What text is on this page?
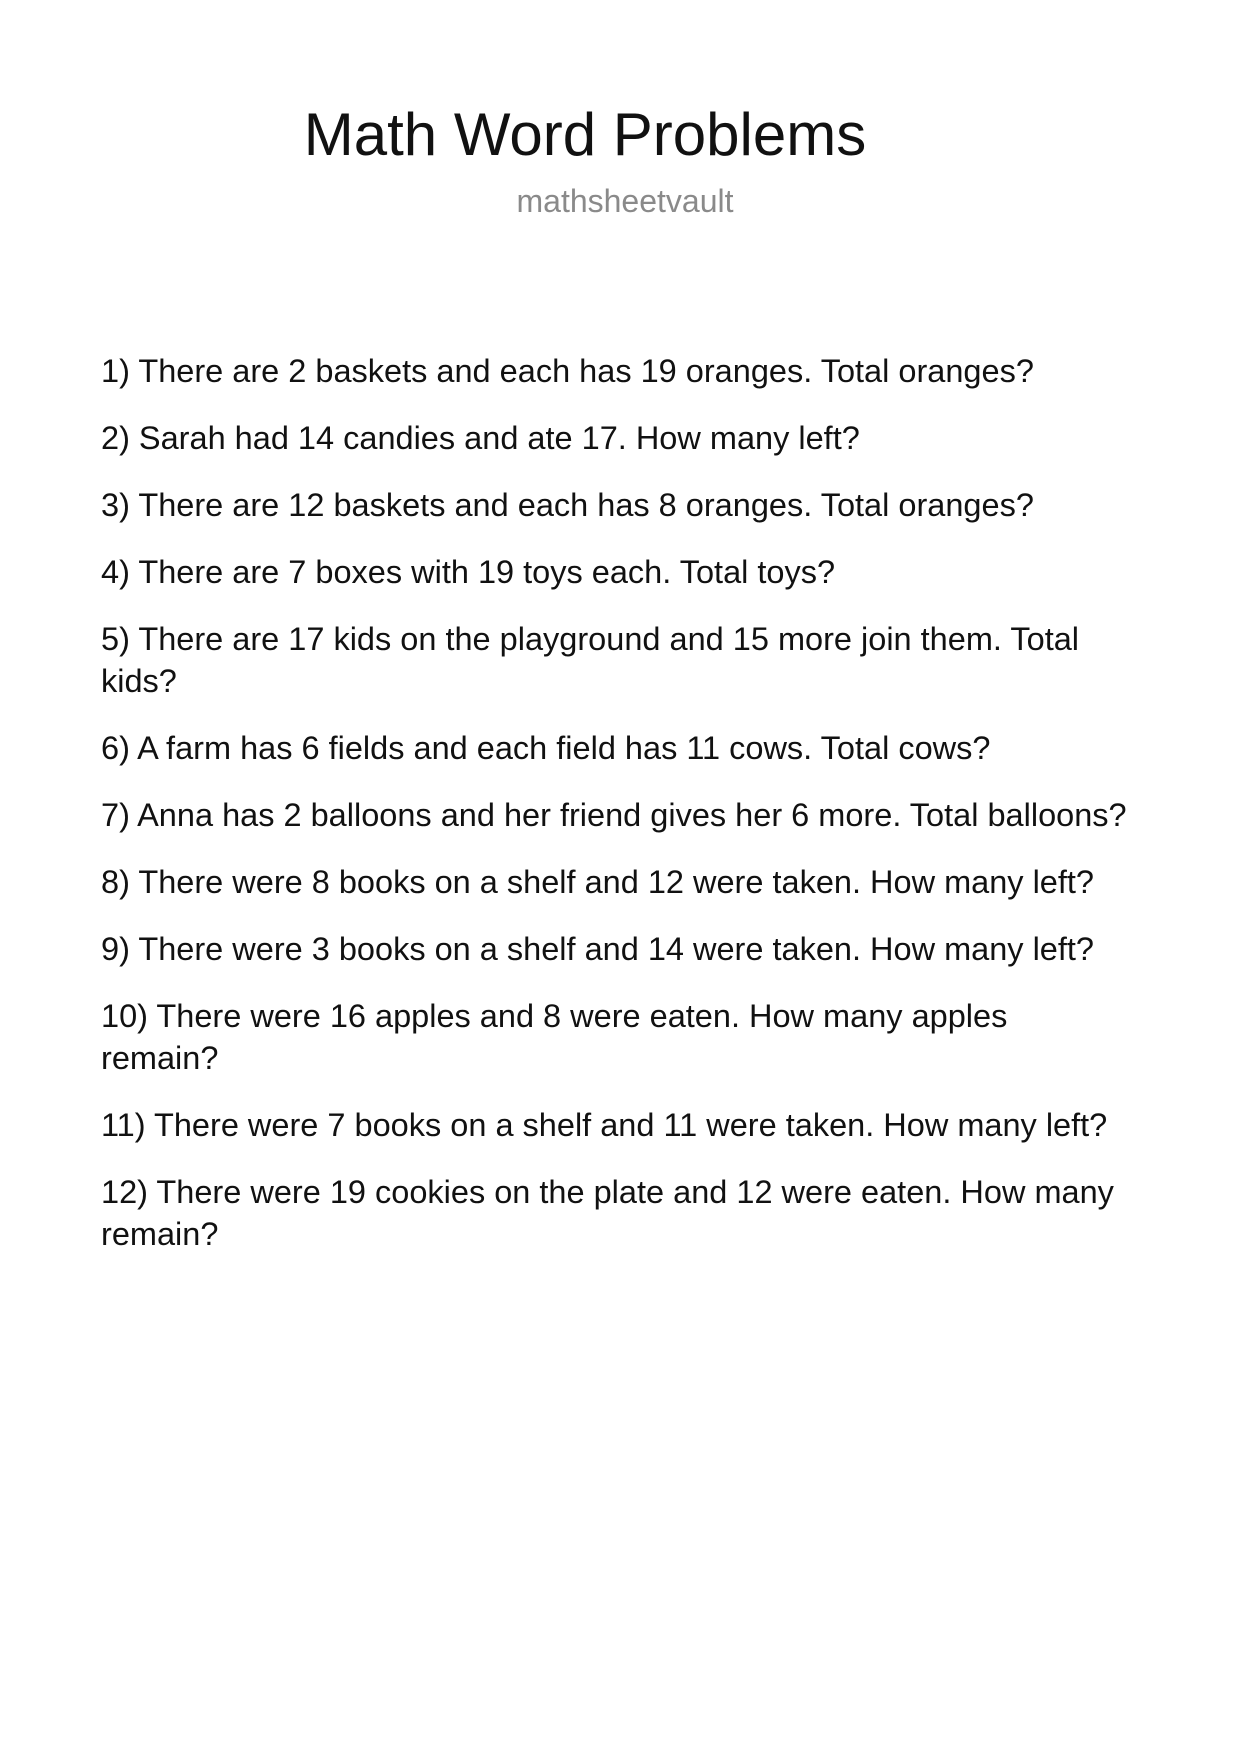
Math Word Problems
mathsheetvault
1) There are 2 baskets and each has 19 oranges. Total oranges?
2) Sarah had 14 candies and ate 17. How many left?
3) There are 12 baskets and each has 8 oranges. Total oranges?
4) There are 7 boxes with 19 toys each. Total toys?
5) There are 17 kids on the playground and 15 more join them. Total kids?
6) A farm has 6 fields and each field has 11 cows. Total cows?
7) Anna has 2 balloons and her friend gives her 6 more. Total balloons?
8) There were 8 books on a shelf and 12 were taken. How many left?
9) There were 3 books on a shelf and 14 were taken. How many left?
10) There were 16 apples and 8 were eaten. How many apples remain?
11) There were 7 books on a shelf and 11 were taken. How many left?
12) There were 19 cookies on the plate and 12 were eaten. How many remain?
